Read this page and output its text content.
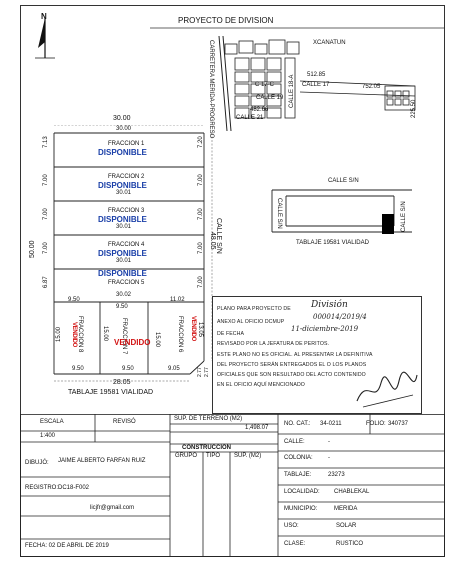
N	PROYECTO DE DIVISION
XCANATUN
CARRETERA MERIDA-PROGRESO	C 17-C
CALLE 19
CALLE 21
CALLE 17
CALLE 18-A 512.85
752.05
482.66	225.50
30.00
30.00
FRACCION 1
DISPONIBLE
7.13	7.20
FRACCION 2
DISPONIBLE
30.01
7.00	7.00
FRACCION 3
DISPONIBLE
30.01
7.00	7.00
FRACCION 4
DISPONIBLE
30.01
7.00	7.00
DISPONIBLE
FRACCION 5
30.02
6.87	7.00
50.00	48.05 CALLE S/N
9.50
9.50
11.02
15.00	13.05
FRACCION 8	FRACCION 7	FRACCION 6
15.00	15.00
V E N D I D O	VENDIDO
V E N D I D O
9.50	9.50	9.05	2.77 2.77
28.05
TABLAJE 19581 VIALIDAD
CALLE S/N
CALLE S/N	CALLE S/N
TABLAJE 19581 VIALIDAD
PLANO PARA PROYECTO DE
ANEXO AL OFICIO DCMUP
DE FECHA
REVISADO POR LA JEFATURA DE PERITOS.
ESTE PLANO NO ES OFICIAL. AL PRESENTAR LA DEFINITIVA
DEL PROYECTO SERÁN ENTREGADOS EL O LOS PLANOS
OFICIALES QUE SON RESULTADO DEL ACTO CONTENIDO
EN EL OFICIO AQUÍ MENCIONADO
División
000014/2019/4
11-diciembre-2019
ESCALA
1:400
REVISÓ	SUP. DE TERRENO (M2)
1,498.07
CONSTRUCCION
GRUPO TIPO SUP. (M2)
DIBUJÓ: JAIME ALBERTO FARFAN RUIZ
REGISTRO:DC18-F002
licjfr@gmail.com
FECHA: 02 DE ABRIL DE 2019
NO. CAT.: 34-0211	FOLIO: 340737
CALLE:	-
COLONIA:	-
TABLAJE:	23273
LOCALIDAD: CHABLEKAL
MUNICIPIO:	MERIDA
USO:	SOLAR
CLASE:	RUSTICO
